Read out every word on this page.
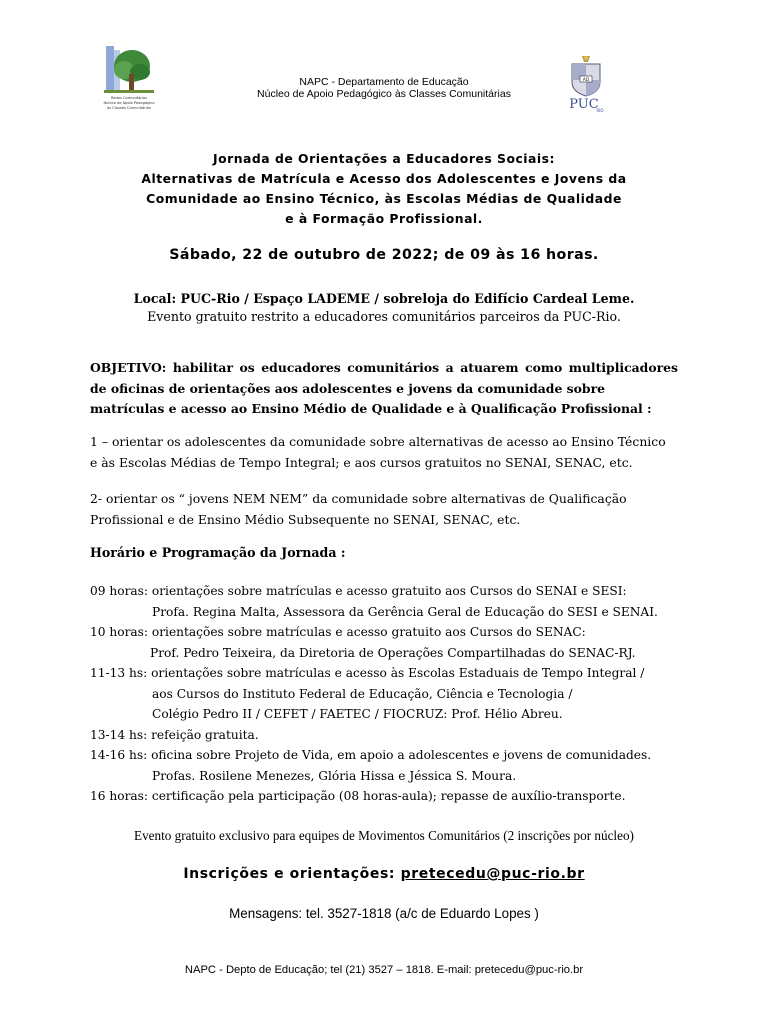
Redes Comunitárias
Núcleo de Apoio Pedagógico
às Classes Comunitárias
NAPC - Departamento de Educação
Núcleo de Apoio Pedagógico às Classes Comunitárias
AD
PUC
RIO
Jornada de Orientações a Educadores Sociais:
Alternativas de Matrícula e Acesso dos Adolescentes e Jovens da
Comunidade ao Ensino Técnico, às Escolas Médias de Qualidade
e à Formação Profissional.
Sábado, 22 de outubro de 2022; de 09 às 16 horas.
Local: PUC-Rio / Espaço LADEME / sobreloja do Edifício Cardeal Leme.
Evento gratuito restrito a educadores comunitários parceiros da PUC-Rio.
OBJETIVO: habilitar os educadores comunitários a atuarem como multiplicadores de oficinas de orientações aos adolescentes e jovens da comunidade sobre
matrículas e acesso ao Ensino Médio de Qualidade e à Qualificação Profissional :
1 – orientar os adolescentes da comunidade sobre alternativas de acesso ao Ensino Técnico
e às Escolas Médias de Tempo Integral; e aos cursos gratuitos no SENAI, SENAC, etc.
2- orientar os “ jovens NEM NEM” da comunidade sobre alternativas de Qualificação
Profissional e de Ensino Médio Subsequente no SENAI, SENAC, etc.
Horário e Programação da Jornada :
09 horas: orientações sobre matrículas e acesso gratuito aos Cursos do SENAI e SESI:
Profa. Regina Malta, Assessora da Gerência Geral de Educação do SESI e SENAI.
10 horas: orientações sobre matrículas e acesso gratuito aos Cursos do SENAC:
Prof. Pedro Teixeira, da Diretoria de Operações Compartilhadas do SENAC-RJ.
11-13 hs: orientações sobre matrículas e acesso às Escolas Estaduais de Tempo Integral /
aos Cursos do Instituto Federal de Educação, Ciência e Tecnologia /
Colégio Pedro II / CEFET / FAETEC / FIOCRUZ: Prof. Hélio Abreu.
13-14 hs: refeição gratuita.
14-16 hs: oficina sobre Projeto de Vida, em apoio a adolescentes e jovens de comunidades.
Profas. Rosilene Menezes, Glória Hissa e Jéssica S. Moura.
16 horas: certificação pela participação (08 horas-aula); repasse de auxílio-transporte.
Evento gratuito exclusivo para equipes de Movimentos Comunitários (2 inscrições por núcleo)
Inscrições e orientações: pretecedu@puc-rio.br
Mensagens: tel. 3527-1818 (a/c de Eduardo Lopes )
NAPC - Depto de Educação; tel (21) 3527 – 1818. E-mail: pretecedu@puc-rio.br
